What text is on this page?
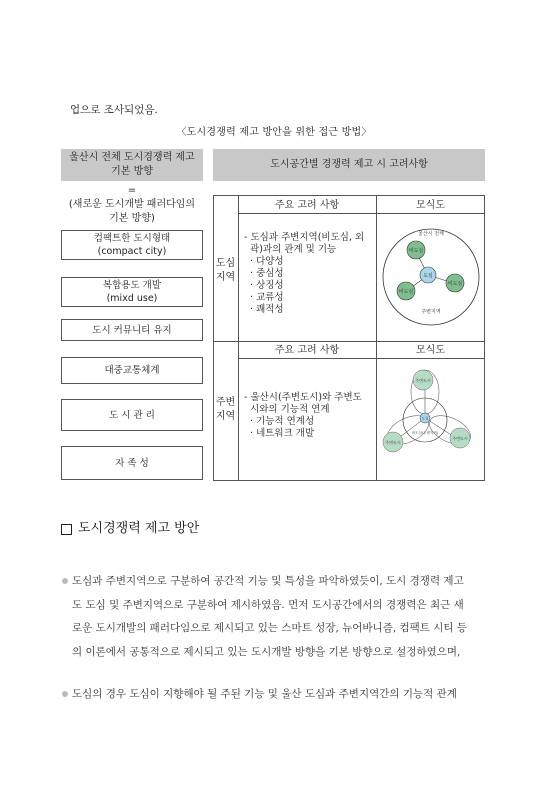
업으로 조사되었음.
〈도시경쟁력 제고 방안을 위한 접근 방법〉
울산시 전체 도시경쟁력 제고
기본 방향
=
(새로운 도시개발 패러다임의
기본 방향)
컴팩트한 도시형태
(compact city)
복합용도 개발
(mixd use)
도시 커뮤니티 유지
대중교통체계
도 시 관 리
자 족 성
도시공간별 경쟁력 제고 시 고려사항
주요 고려 사항	모식도
도심
지역
- 도심과 주변지역(비도심, 외
곽)과의 관계 및 기능
· 다양성
· 중심성
· 상징성
· 교류성
· 쾌적성
울산시 전체
비도심
비도심
비도심
도심
주변지역
주요 고려 사항	모식도
주변
지역
- 울산시(주변도시)와 주변도
시와의 기능적 연계
· 기능적 연계성
· 네트워크 개발
주변도시
주변도시
주변도시
도심
비도심(주변지역)
도시경쟁력 제고 방안
도심과 주변지역으로 구분하여 공간적 기능 및 특성을 파악하였듯이, 도시 경쟁력 제고
도 도심 및 주변지역으로 구분하여 제시하였음. 먼저 도시공간에서의 경쟁력은 최근 새
로운 도시개발의 패러다임으로 제시되고 있는 스마트 성장, 뉴어바니즘, 컴팩트 시티 등
의 이론에서 공통적으로 제시되고 있는 도시개발 방향을 기본 방향으로 설정하였으며,
도심의 경우 도심이 지향해야 될 주된 기능 및 울산 도심과 주변지역간의 기능적 관계
